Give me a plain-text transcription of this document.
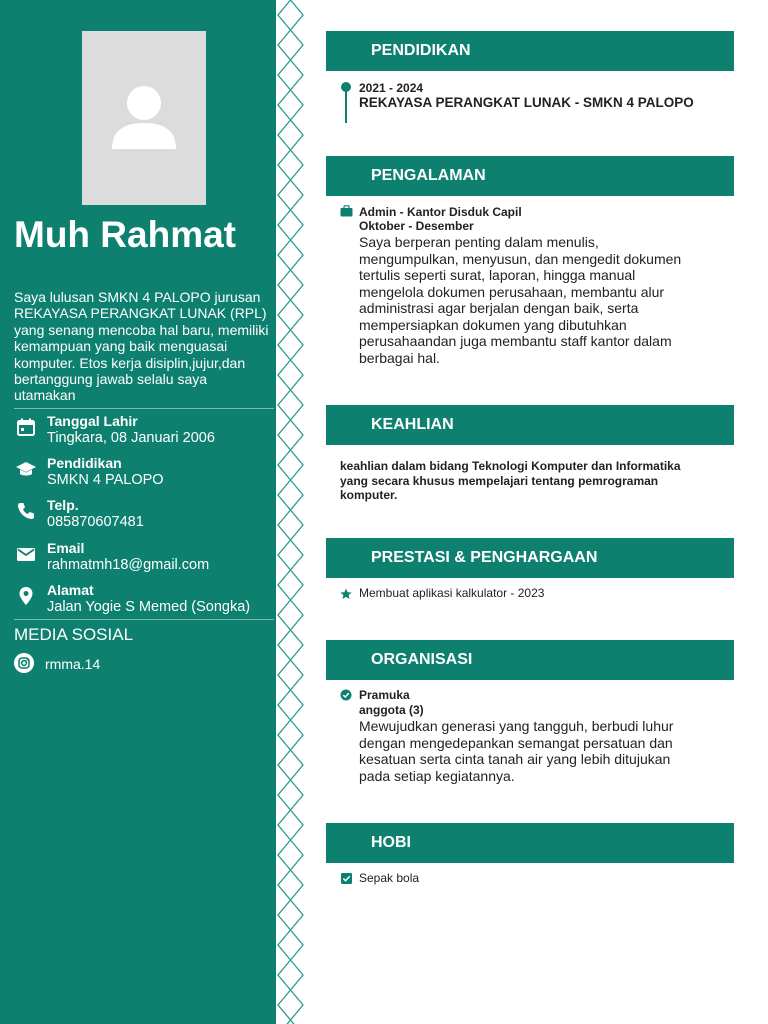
Muh Rahmat
Saya lulusan SMKN 4 PALOPO jurusan REKAYASA PERANGKAT LUNAK (RPL) yang senang mencoba hal baru, memiliki kemampuan yang baik menguasai komputer. Etos kerja disiplin,jujur,dan bertanggung jawab selalu saya utamakan
Tanggal Lahir
Tingkara, 08 Januari 2006
Pendidikan
SMKN 4 PALOPO
Telp.
085870607481
Email
rahmatmh18@gmail.com
Alamat
Jalan Yogie S Memed (Songka)
MEDIA SOSIAL
rmma.14
PENDIDIKAN
2021 - 2024
REKAYASA PERANGKAT LUNAK - SMKN 4 PALOPO
PENGALAMAN
Admin - Kantor Disduk Capil
Oktober - Desember
Saya berperan penting dalam menulis,
mengumpulkan, menyusun, dan mengedit dokumen
tertulis seperti surat, laporan, hingga manual
mengelola dokumen perusahaan, membantu alur
administrasi agar berjalan dengan baik, serta
mempersiapkan dokumen yang dibutuhkan
perusahaandan juga membantu staff kantor dalam
berbagai hal.
KEAHLIAN
keahlian dalam bidang Teknologi Komputer dan Informatika
yang secara khusus mempelajari tentang pemrograman
komputer.
PRESTASI & PENGHARGAAN
Membuat aplikasi kalkulator - 2023
ORGANISASI
Pramuka
anggota (3)
Mewujudkan generasi yang tangguh, berbudi luhur
dengan mengedepankan semangat persatuan dan
kesatuan serta cinta tanah air yang lebih ditujukan
pada setiap kegiatannya.
HOBI
Sepak bola
